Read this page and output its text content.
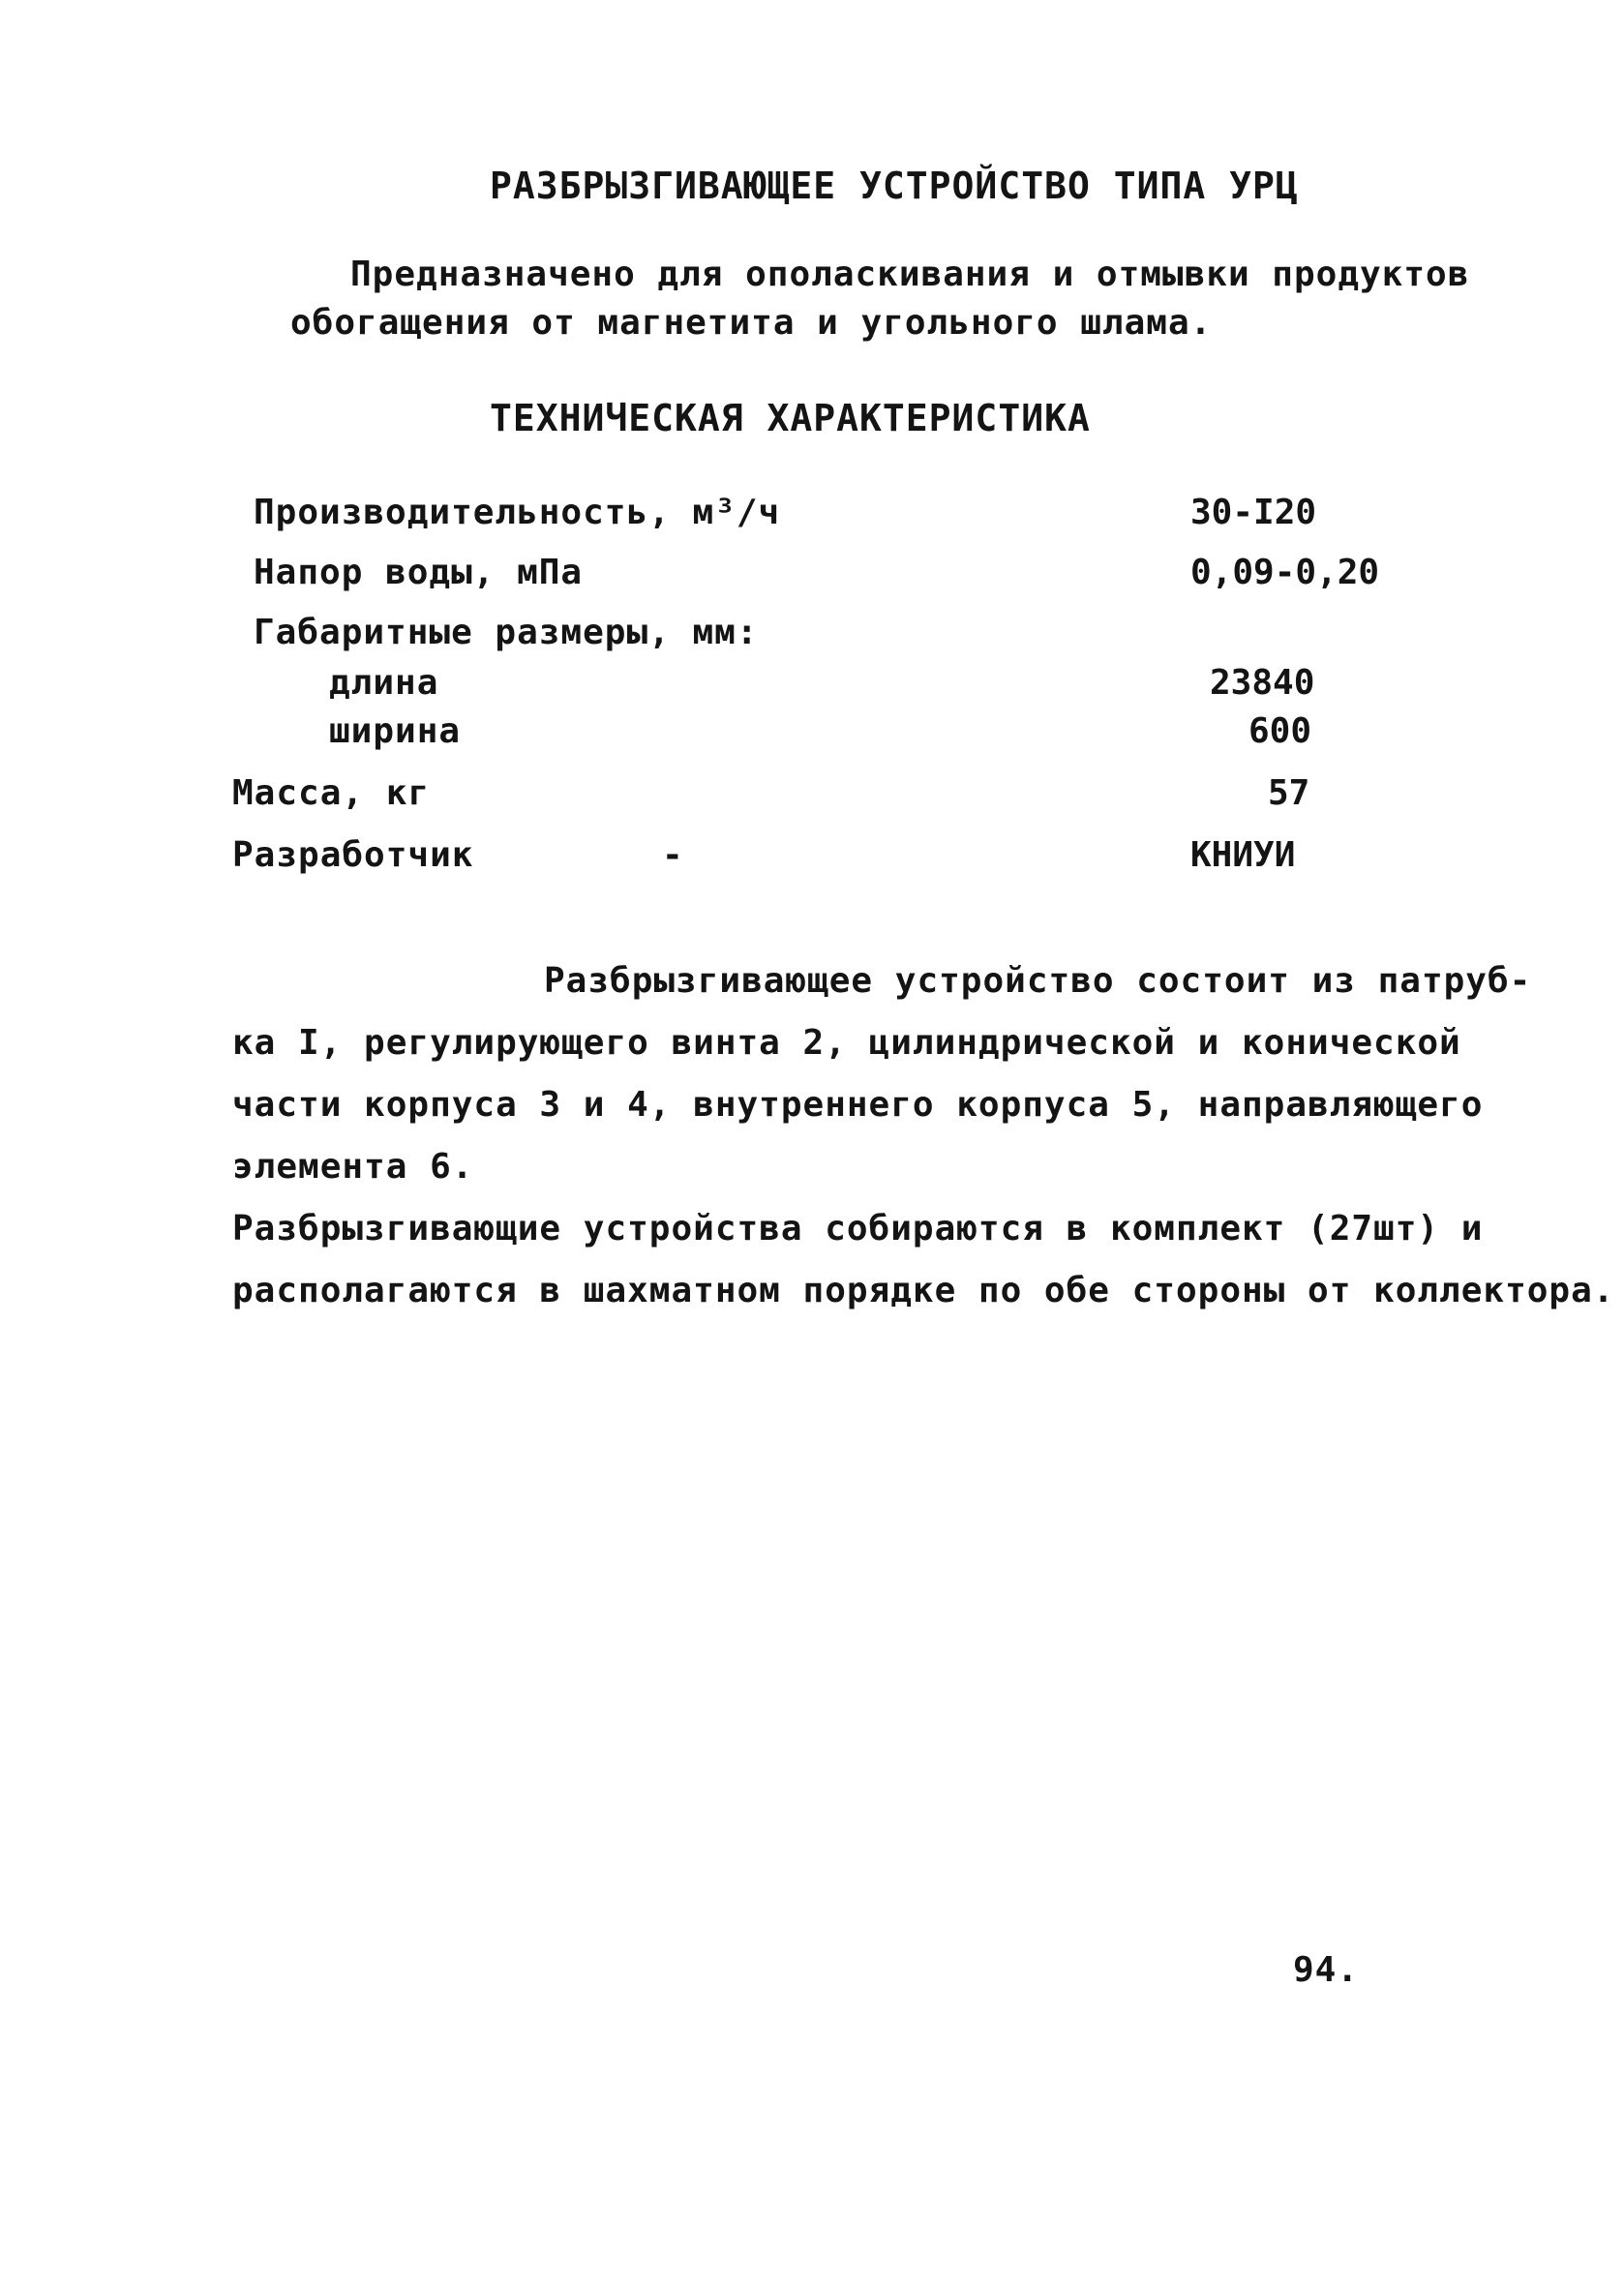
РАЗБРЫЗГИВАЮЩЕЕ УСТРОЙСТВО ТИПА УРЦ
Предназначено для ополаскивания и отмывки продуктов
обогащения от магнетита и угольного шлама.
ТЕХНИЧЕСКАЯ ХАРАКТЕРИСТИКА
Производительность, м³/ч	30-I20
Напор воды, мПа	0,09-0,20
Габаритные размеры, мм:
длина	23840
ширина	600
Масса, кг	57
Разработчик	-	КНИУИ
Разбрызгивающее устройство состоит из патруб-
ка I, регулирующего винта 2, цилиндрической и конической
части корпуса 3 и 4, внутреннего корпуса 5, направляющего
элемента 6.
Разбрызгивающие устройства собираются в комплект (27шт) и
располагаются в шахматном порядке по обе стороны от коллектора.
94.
